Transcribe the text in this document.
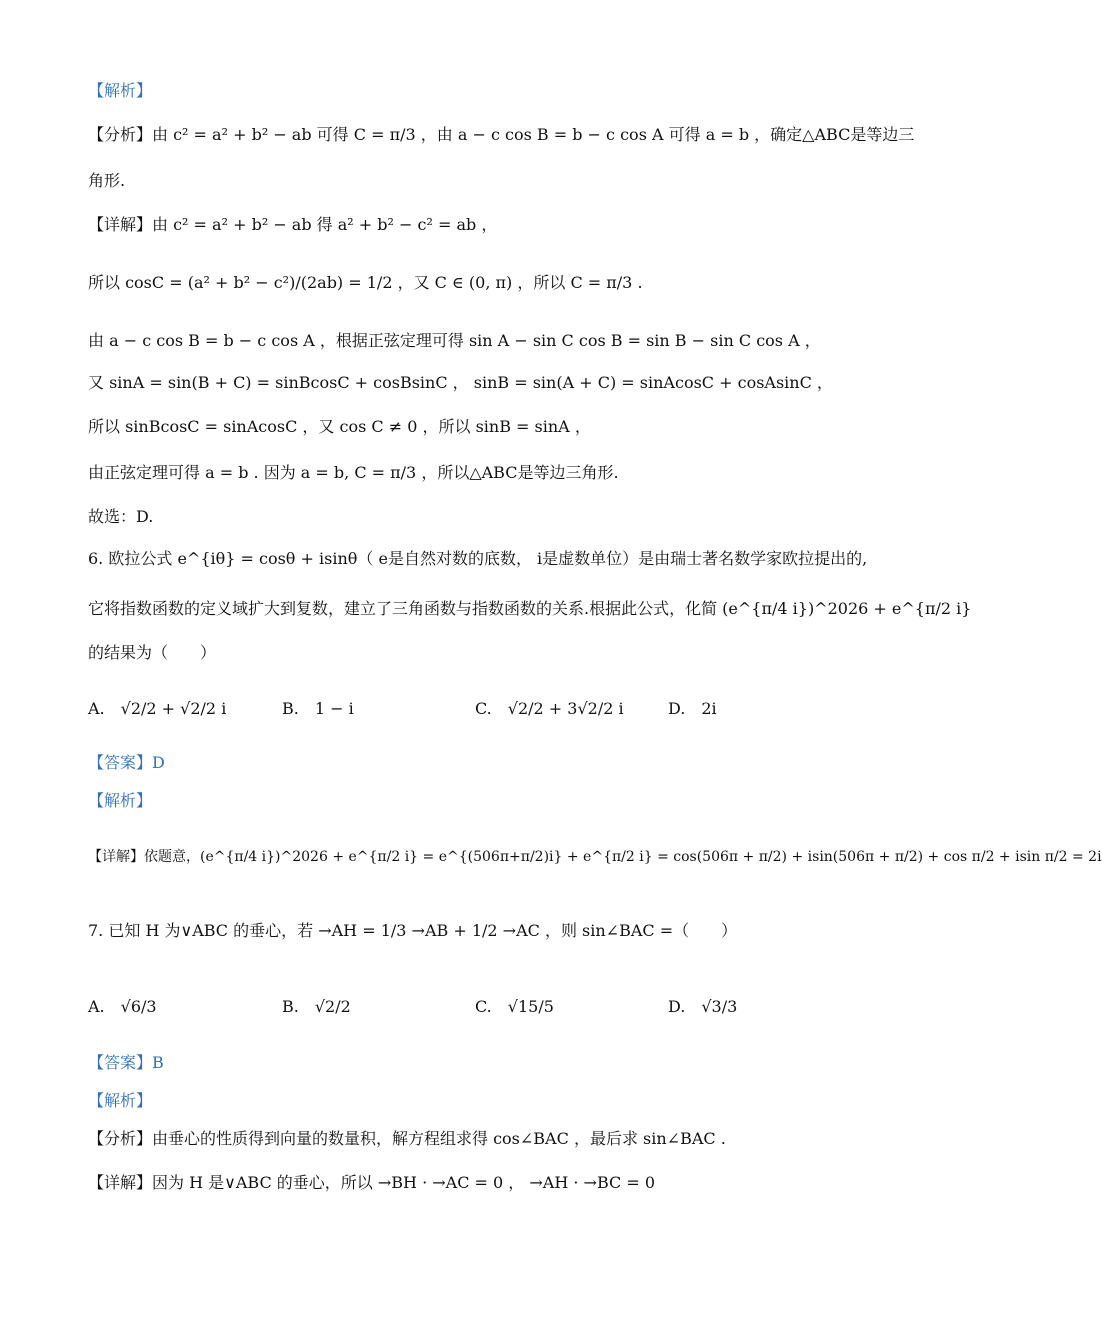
【解析】
【分析】由 c² = a² + b² − ab 可得 C = π/3 ，由 a − c cos B = b − c cos A 可得 a = b ，确定△ABC是等边三
角形.
【详解】由 c² = a² + b² − ab 得 a² + b² − c² = ab ，
所以 cosC = (a² + b² − c²)/(2ab) = 1/2 ，又 C ∈ (0, π) ，所以 C = π/3 .
由 a − c cos B = b − c cos A ，根据正弦定理可得 sin A − sin C cos B = sin B − sin C cos A ，
又 sinA = sin(B + C) = sinBcosC + cosBsinC ， sinB = sin(A + C) = sinAcosC + cosAsinC ，
所以 sinBcosC = sinAcosC ，又 cos C ≠ 0 ，所以 sinB = sinA ，
由正弦定理可得 a = b . 因为 a = b, C = π/3 ，所以△ABC是等边三角形.
故选：D.
6. 欧拉公式 e^{iθ} = cosθ + isinθ（ e是自然对数的底数， i是虚数单位）是由瑞士著名数学家欧拉提出的,
它将指数函数的定义域扩大到复数，建立了三角函数与指数函数的关系.根据此公式，化简 (e^{π/4 i})^2026 + e^{π/2 i}
的结果为（　　）
A.　√2/2 + √2/2 i	B.　1 − i	C.　√2/2 + 3√2/2 i	D.　2i
【答案】D
【解析】
【详解】依题意，(e^{π/4 i})^2026 + e^{π/2 i} = e^{(506π+π/2)i} + e^{π/2 i} = cos(506π + π/2) + isin(506π + π/2) + cos π/2 + isin π/2 = 2i
7. 已知 H 为∨ABC 的垂心，若 →AH = 1/3 →AB + 1/2 →AC ，则 sin∠BAC =（　　）
A.　√6/3	B.　√2/2	C.　√15/5	D.　√3/3
【答案】B
【解析】
【分析】由垂心的性质得到向量的数量积，解方程组求得 cos∠BAC ，最后求 sin∠BAC .
【详解】因为 H 是∨ABC 的垂心，所以 →BH · →AC = 0 ， →AH · →BC = 0
